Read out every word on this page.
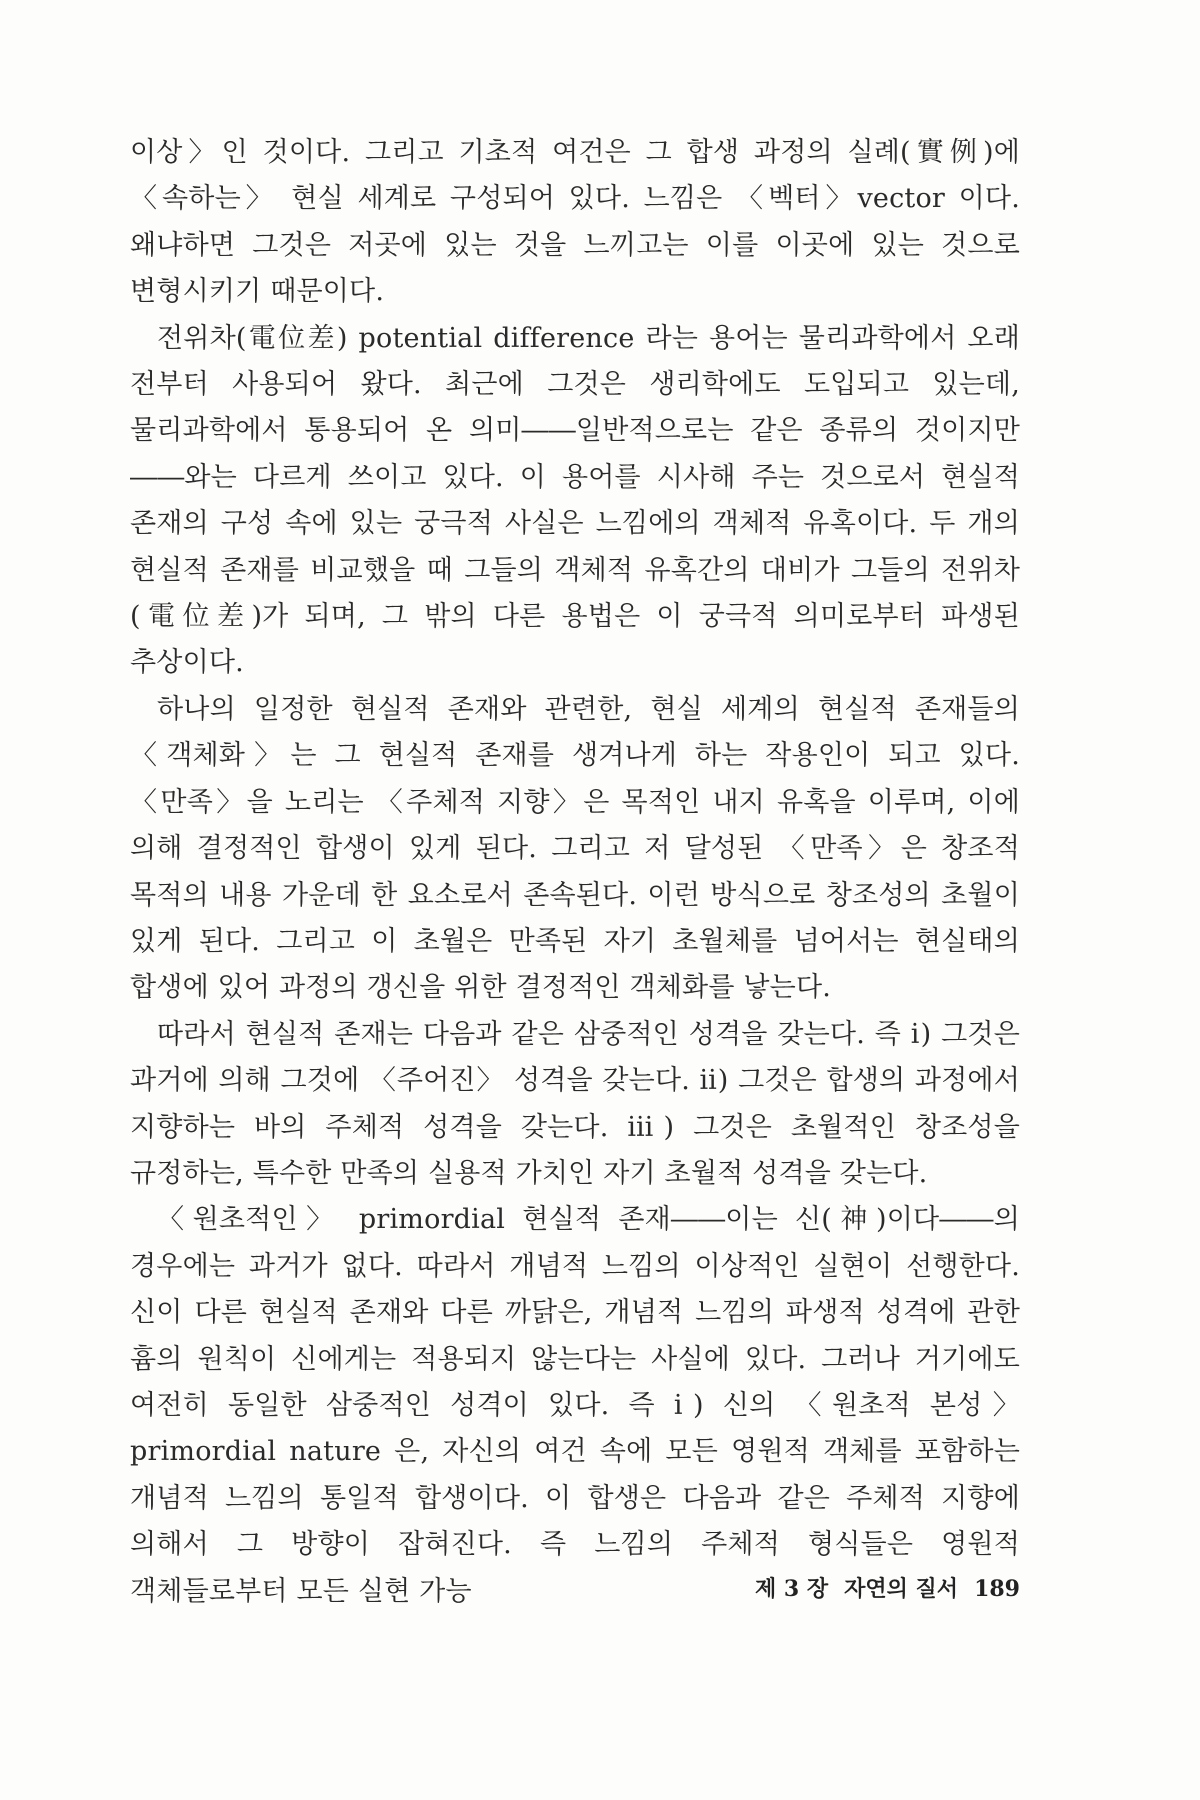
이상〉인 것이다. 그리고 기초적 여건은 그 합생 과정의 실례(實例)에 〈속하는〉 현실 세계로 구성되어 있다. 느낌은 〈벡터〉vector 이다. 왜냐하면 그것은 저곳에 있는 것을 느끼고는 이를 이곳에 있는 것으로 변형시키기 때문이다.

전위차(電位差) potential difference 라는 용어는 물리과학에서 오래 전부터 사용되어 왔다. 최근에 그것은 생리학에도 도입되고 있는데, 물리과학에서 통용되어 온 의미――일반적으로는 같은 종류의 것이지만――와는 다르게 쓰이고 있다. 이 용어를 시사해 주는 것으로서 현실적 존재의 구성 속에 있는 궁극적 사실은 느낌에의 객체적 유혹이다. 두 개의 현실적 존재를 비교했을 때 그들의 객체적 유혹간의 대비가 그들의 전위차(電位差)가 되며, 그 밖의 다른 용법은 이 궁극적 의미로부터 파생된 추상이다.

하나의 일정한 현실적 존재와 관련한, 현실 세계의 현실적 존재들의 〈객체화〉는 그 현실적 존재를 생겨나게 하는 작용인이 되고 있다. 〈만족〉을 노리는 〈주체적 지향〉은 목적인 내지 유혹을 이루며, 이에 의해 결정적인 합생이 있게 된다. 그리고 저 달성된 〈만족〉은 창조적 목적의 내용 가운데 한 요소로서 존속된다. 이런 방식으로 창조성의 초월이 있게 된다. 그리고 이 초월은 만족된 자기 초월체를 넘어서는 현실태의 합생에 있어 과정의 갱신을 위한 결정적인 객체화를 낳는다.

따라서 현실적 존재는 다음과 같은 삼중적인 성격을 갖는다. 즉 ⅰ) 그것은 과거에 의해 그것에 〈주어진〉 성격을 갖는다. ⅱ) 그것은 합생의 과정에서 지향하는 바의 주체적 성격을 갖는다. ⅲ) 그것은 초월적인 창조성을 규정하는, 특수한 만족의 실용적 가치인 자기 초월적 성격을 갖는다.

〈원초적인〉 primordial 현실적 존재――이는 신(神)이다――의 경우에는 과거가 없다. 따라서 개념적 느낌의 이상적인 실현이 선행한다. 신이 다른 현실적 존재와 다른 까닭은, 개념적 느낌의 파생적 성격에 관한 흄의 원칙이 신에게는 적용되지 않는다는 사실에 있다. 그러나 거기에도 여전히 동일한 삼중적인 성격이 있다. 즉 ⅰ) 신의 〈원초적 본성〉 primordial nature 은, 자신의 여건 속에 모든 영원적 객체를 포함하는 개념적 느낌의 통일적 합생이다. 이 합생은 다음과 같은 주체적 지향에 의해서 그 방향이 잡혀진다. 즉 느낌의 주체적 형식들은 영원적 객체들로부터 모든 실현 가능	제 3 장 자연의 질서 189
